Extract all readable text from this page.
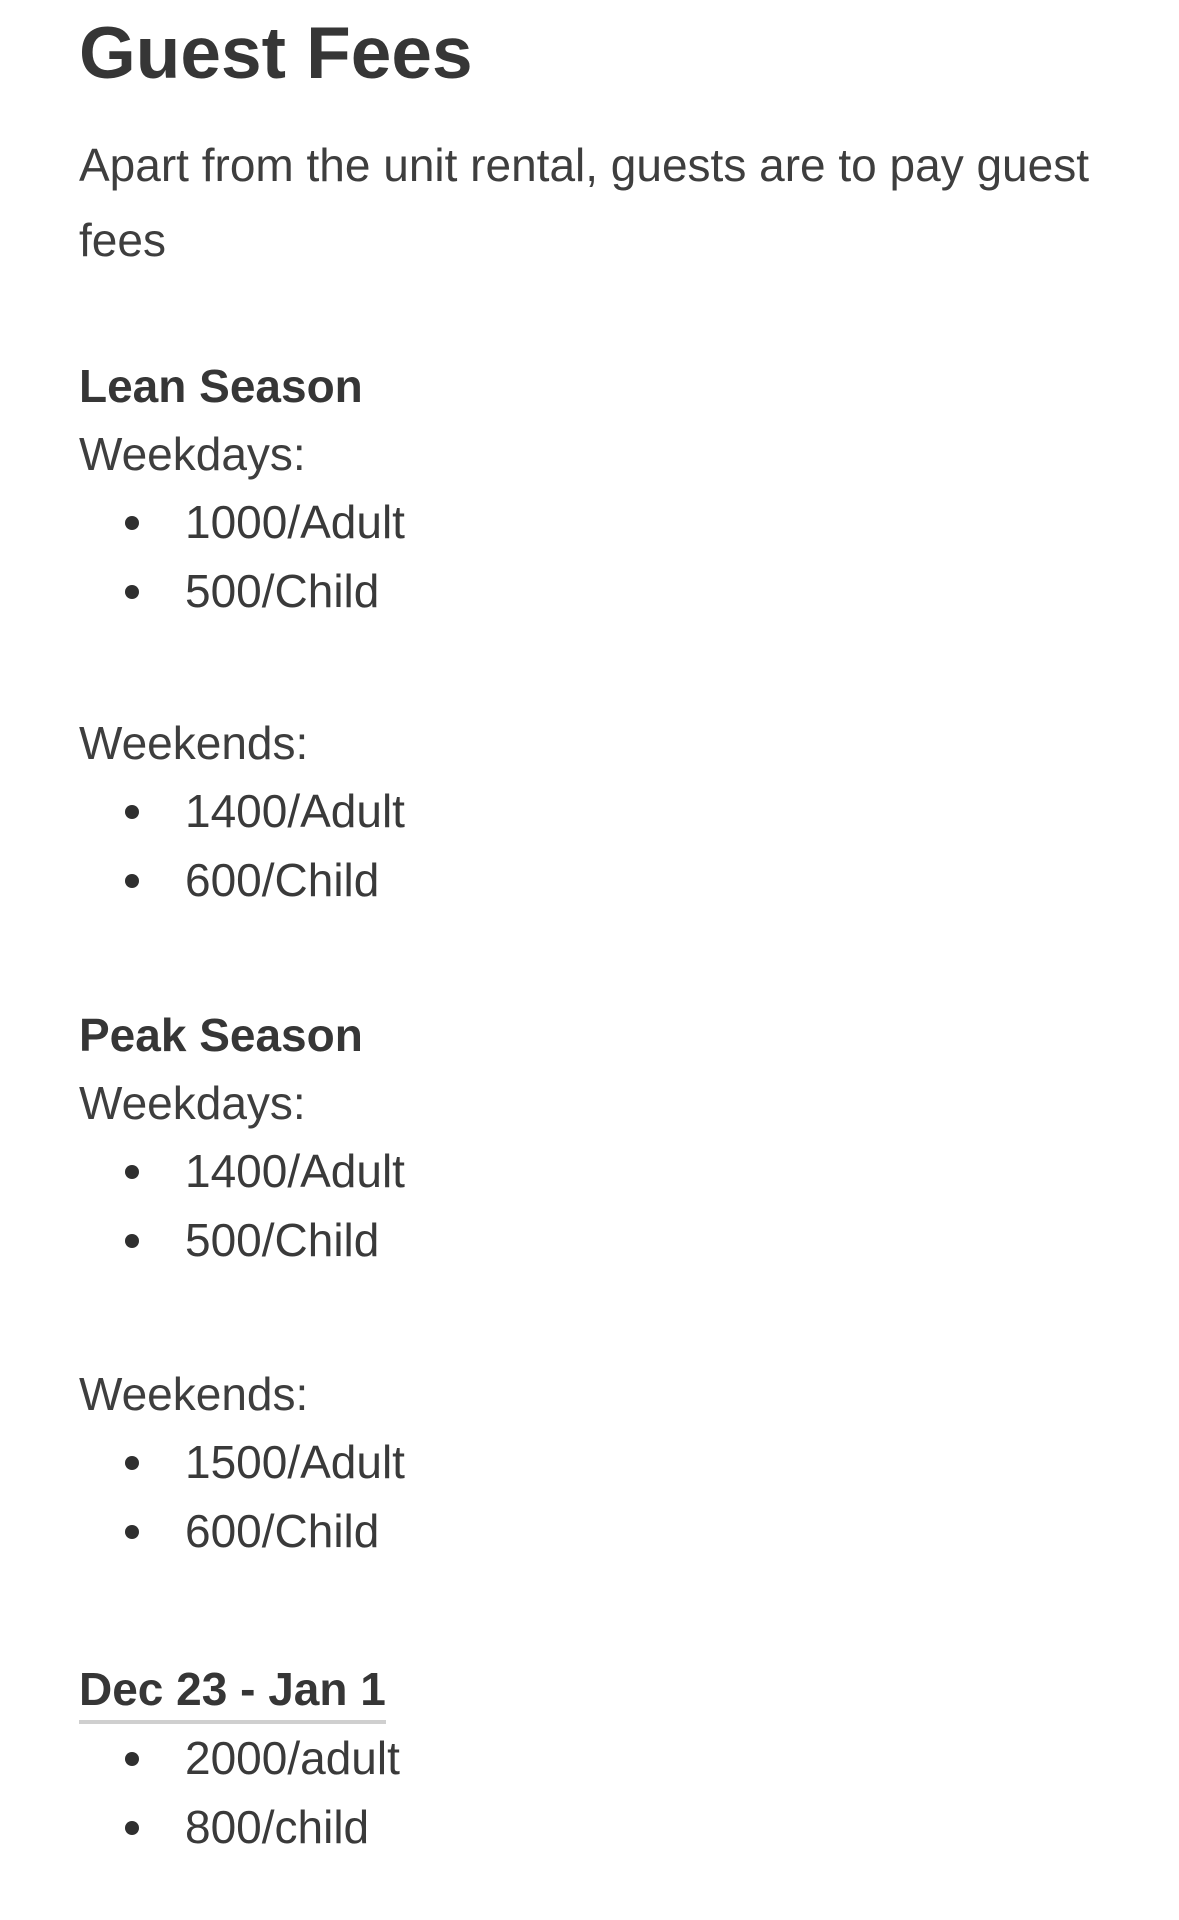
Guest Fees

Apart from the unit rental, guests are to pay guest fees

Lean Season
Weekdays:
1000/Adult
500/Child
Weekends:
1400/Adult
600/Child
Peak Season
Weekdays:
1400/Adult
500/Child
Weekends:
1500/Adult
600/Child
Dec 23 - Jan 1
2000/adult
800/child
